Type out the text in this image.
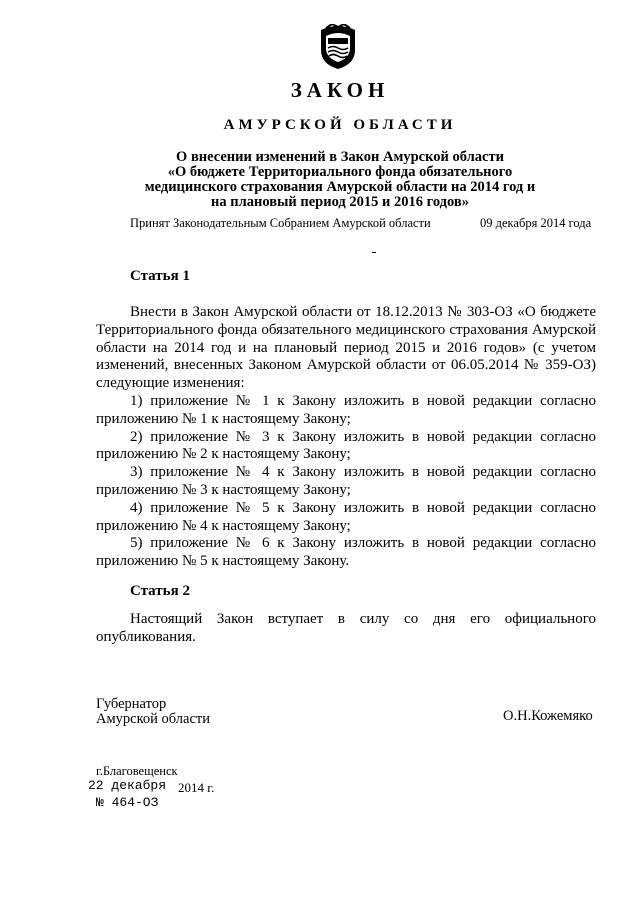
ЗАКОН
АМУРСКОЙ ОБЛАСТИ
О внесении изменений в Закон Амурской области
«О бюджете Территориального фонда обязательного
медицинского страхования Амурской области на 2014 год и
на плановый период 2015 и 2016 годов»
Принят Законодательным Собранием Амурской области	09 декабря 2014 года
Статья 1
Внести в Закон Амурской области от 18.12.2013 № 303-ОЗ «О бюджете
Территориального фонда обязательного медицинского страхования Амурской
области на 2014 год и на плановый период 2015 и 2016 годов» (с учетом
изменений, внесенных Законом Амурской области от 06.05.2014 № 359-ОЗ)
следующие изменения:
1) приложение № 1 к Закону изложить в новой редакции согласно
приложению № 1 к настоящему Закону;
2) приложение № 3 к Закону изложить в новой редакции согласно
приложению № 2 к настоящему Закону;
3) приложение № 4 к Закону изложить в новой редакции согласно
приложению № 3 к настоящему Закону;
4) приложение № 5 к Закону изложить в новой редакции согласно
приложению № 4 к настоящему Закону;
5) приложение № 6 к Закону изложить в новой редакции согласно
приложению № 5 к настоящему Закону.
Статья 2
Настоящий Закон вступает в силу со дня его официального
опубликования.
Губернатор
Амурской области	О.Н.Кожемяко
г.Благовещенск
22 декабря 2014 г.
№ 464-ОЗ
